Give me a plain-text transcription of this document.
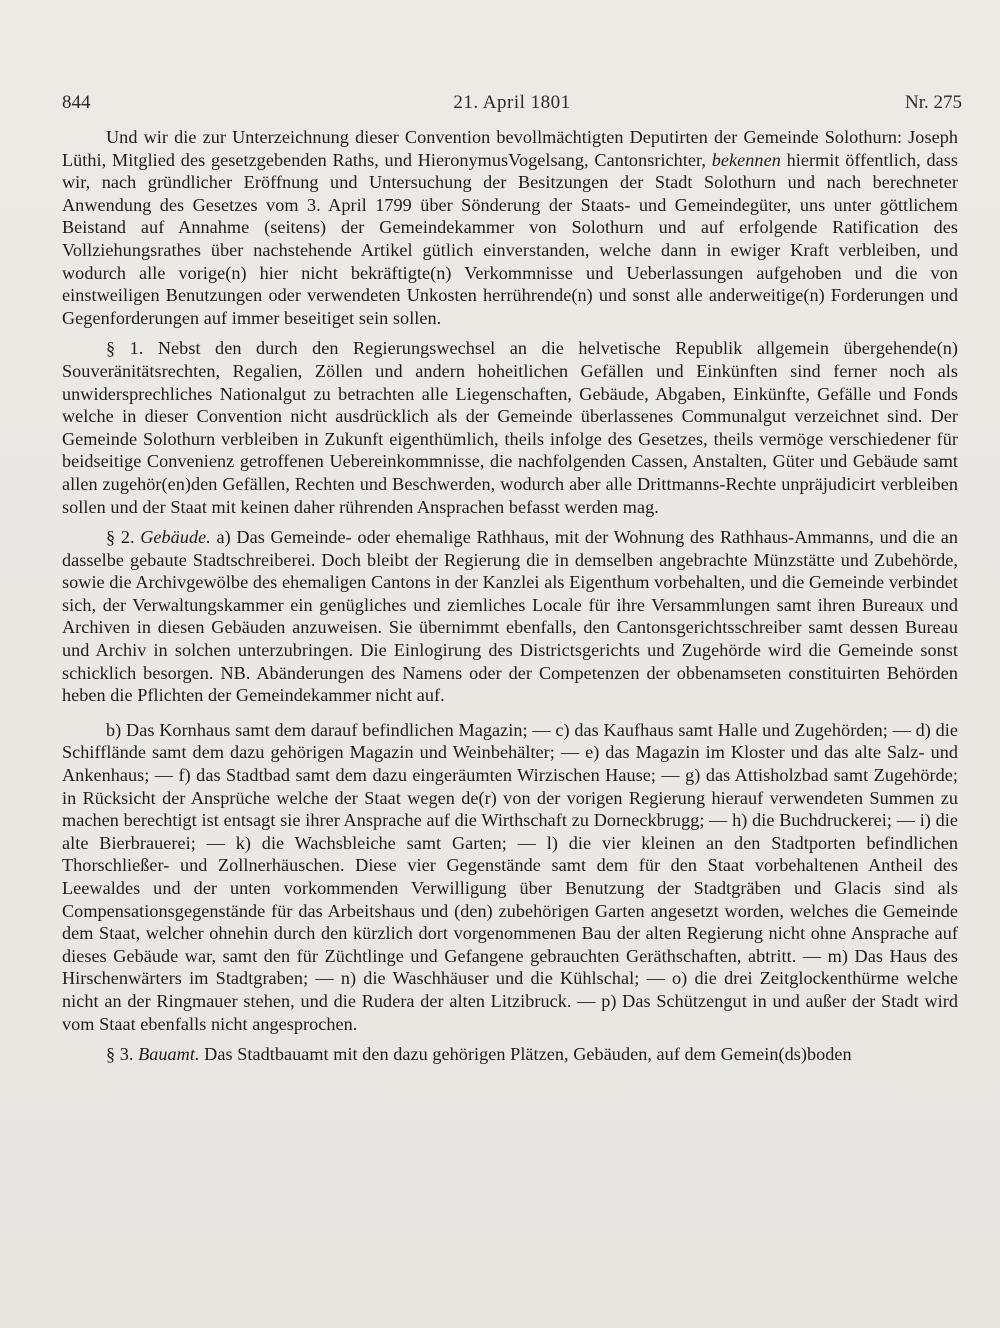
844	21. April 1801	Nr. 275

Und wir die zur Unterzeichnung dieser Convention bevollmächtigten Deputirten der Gemeinde Solothurn: Joseph Lüthi, Mitglied des gesetzgebenden Raths, und HieronymusVogelsang, Cantonsrichter, bekennen hiermit öffentlich, dass wir, nach gründlicher Eröffnung und Untersuchung der Besitzungen der Stadt Solothurn und nach berechneter Anwendung des Gesetzes vom 3. April 1799 über Sönderung der Staats- und Gemeindegüter, uns unter göttlichem Beistand auf Annahme (seitens) der Gemeindekammer von Solothurn und auf erfolgende Ratification des Vollziehungsrathes über nachstehende Artikel gütlich einverstanden, welche dann in ewiger Kraft verbleiben, und wodurch alle vorige(n) hier nicht bekräftigte(n) Verkommnisse und Ueberlassungen aufgehoben und die von einstweiligen Benutzungen oder verwendeten Unkosten herrührende(n) und sonst alle anderweitige(n) Forderungen und Gegenforderungen auf immer beseitiget sein sollen.

§ 1. Nebst den durch den Regierungswechsel an die helvetische Republik allgemein übergehende(n) Souveränitätsrechten, Regalien, Zöllen und andern hoheitlichen Gefällen und Einkünften sind ferner noch als unwidersprechliches Nationalgut zu betrachten alle Liegenschaften, Gebäude, Abgaben, Einkünfte, Gefälle und Fonds welche in dieser Convention nicht ausdrücklich als der Gemeinde überlassenes Communalgut verzeichnet sind. Der Gemeinde Solothurn verbleiben in Zukunft eigenthümlich, theils infolge des Gesetzes, theils vermöge verschiedener für beidseitige Convenienz getroffenen Uebereinkommnisse, die nachfolgenden Cassen, Anstalten, Güter und Gebäude samt allen zugehör(en)den Gefällen, Rechten und Beschwerden, wodurch aber alle Drittmanns-Rechte unpräjudicirt verbleiben sollen und der Staat mit keinen daher rührenden Ansprachen befasst werden mag.

§ 2. Gebäude. a) Das Gemeinde- oder ehemalige Rathhaus, mit der Wohnung des Rathhaus-Ammanns, und die an dasselbe gebaute Stadtschreiberei. Doch bleibt der Regierung die in demselben angebrachte Münzstätte und Zubehörde, sowie die Archivgewölbe des ehemaligen Cantons in der Kanzlei als Eigenthum vorbehalten, und die Gemeinde verbindet sich, der Verwaltungskammer ein genügliches und ziemliches Locale für ihre Versammlungen samt ihren Bureaux und Archiven in diesen Gebäuden anzuweisen. Sie übernimmt ebenfalls, den Cantonsgerichtsschreiber samt dessen Bureau und Archiv in solchen unterzubringen. Die Einlogirung des Districtsgerichts und Zugehörde wird die Gemeinde sonst schicklich besorgen. NB. Abänderungen des Namens oder der Competenzen der obbenamseten constituirten Behörden heben die Pflichten der Gemeindekammer nicht auf.

b) Das Kornhaus samt dem darauf befindlichen Magazin; — c) das Kaufhaus samt Halle und Zugehörden; — d) die Schifflände samt dem dazu gehörigen Magazin und Weinbehälter; — e) das Magazin im Kloster und das alte Salz- und Ankenhaus; — f) das Stadtbad samt dem dazu eingeräumten Wirzischen Hause; — g) das Attisholzbad samt Zugehörde; in Rücksicht der Ansprüche welche der Staat wegen de(r) von der vorigen Regierung hierauf verwendeten Summen zu machen berechtigt ist entsagt sie ihrer Ansprache auf die Wirthschaft zu Dorneckbrugg; — h) die Buchdruckerei; — i) die alte Bierbrauerei; — k) die Wachsbleiche samt Garten; — l) die vier kleinen an den Stadtporten befindlichen Thorschließer- und Zollnerhäuschen. Diese vier Gegenstände samt dem für den Staat vorbehaltenen Antheil des Leewaldes und der unten vorkommenden Verwilligung über Benutzung der Stadtgräben und Glacis sind als Compensationsgegenstände für das Arbeitshaus und (den) zubehörigen Garten angesetzt worden, welches die Gemeinde dem Staat, welcher ohnehin durch den kürzlich dort vorgenommenen Bau der alten Regierung nicht ohne Ansprache auf dieses Gebäude war, samt den für Züchtlinge und Gefangene gebrauchten Geräthschaften, abtritt. — m) Das Haus des Hirschenwärters im Stadtgraben; — n) die Waschhäuser und die Kühlschal; — o) die drei Zeitglockenthürme welche nicht an der Ringmauer stehen, und die Rudera der alten Litzibruck. — p) Das Schützengut in und außer der Stadt wird vom Staat ebenfalls nicht angesprochen.

§ 3. Bauamt. Das Stadtbauamt mit den dazu gehörigen Plätzen, Gebäuden, auf dem Gemein(ds)boden
